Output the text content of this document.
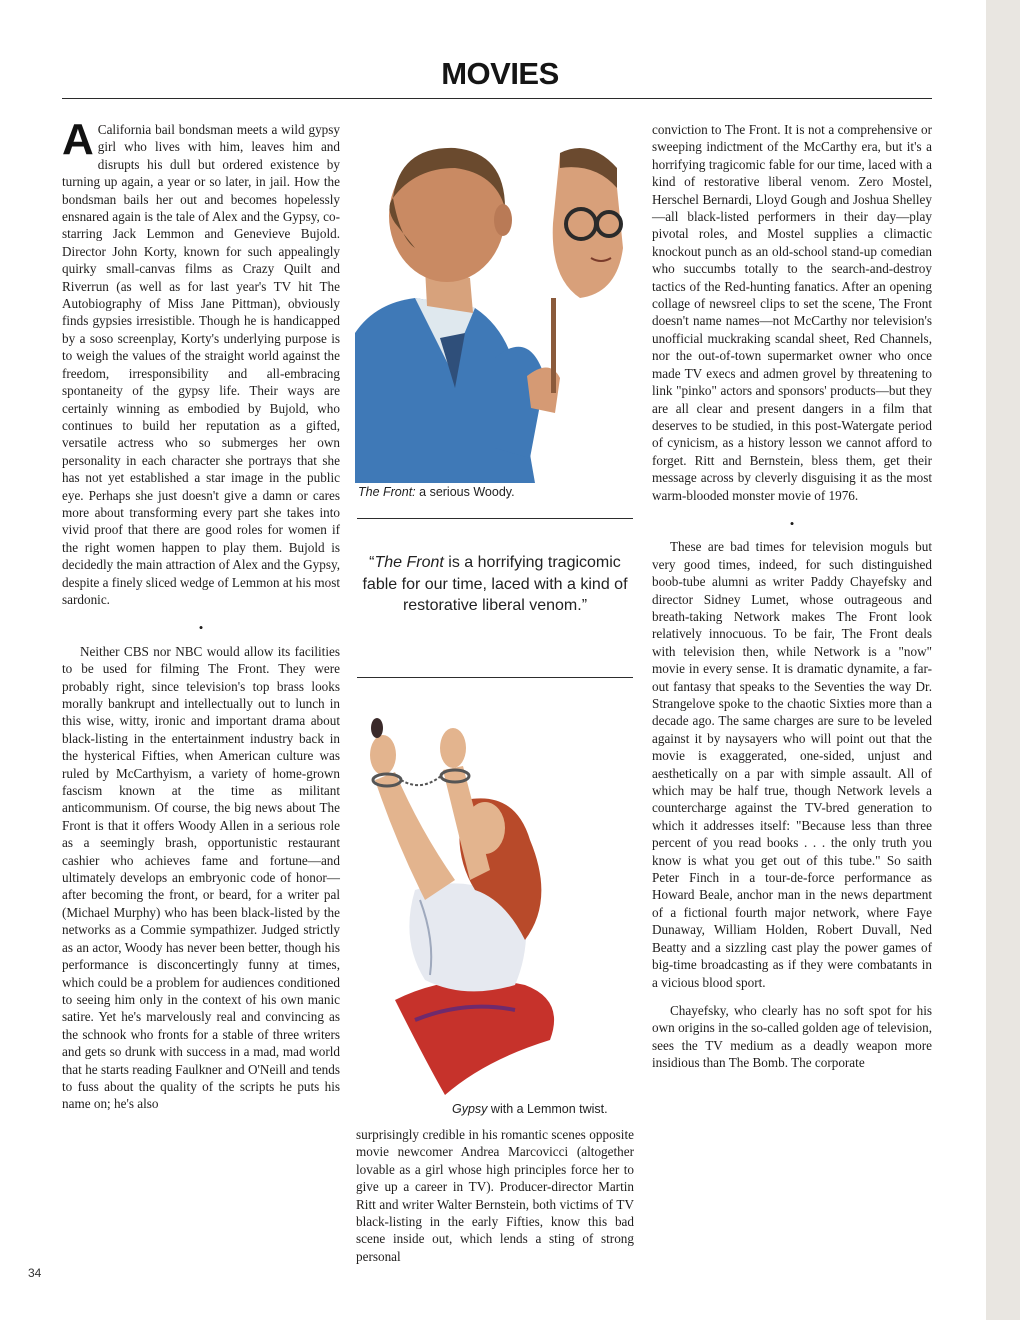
MOVIES

A California bail bondsman meets a wild gypsy girl who lives with him, leaves him and disrupts his dull but ordered existence by turning up again, a year or so later, in jail. How the bondsman bails her out and becomes hopelessly ensnared again is the tale of Alex and the Gypsy, co-starring Jack Lemmon and Genevieve Bujold. Director John Korty, known for such appealingly quirky small-canvas films as Crazy Quilt and Riverrun (as well as for last year's TV hit The Autobiography of Miss Jane Pittman), obviously finds gypsies irresistible. Though he is handicapped by a soso screenplay, Korty's underlying purpose is to weigh the values of the straight world against the freedom, irresponsibility and all-embracing spontaneity of the gypsy life. Their ways are certainly winning as embodied by Bujold, who continues to build her reputation as a gifted, versatile actress who so submerges her own personality in each character she portrays that she has not yet established a star image in the public eye. Perhaps she just doesn't give a damn or cares more about transforming every part she takes into vivid proof that there are good roles for women if the right women happen to play them. Bujold is decidedly the main attraction of Alex and the Gypsy, despite a finely sliced wedge of Lemmon at his most sardonic.

•

Neither CBS nor NBC would allow its facilities to be used for filming The Front. They were probably right, since television's top brass looks morally bankrupt and intellectually out to lunch in this wise, witty, ironic and important drama about black-listing in the entertainment industry back in the hysterical Fifties, when American culture was ruled by McCarthyism, a variety of home-grown fascism known at the time as militant anticommunism. Of course, the big news about The Front is that it offers Woody Allen in a serious role as a seemingly brash, opportunistic restaurant cashier who achieves fame and fortune—and ultimately develops an embryonic code of honor—after becoming the front, or beard, for a writer pal (Michael Murphy) who has been black-listed by the networks as a Commie sympathizer. Judged strictly as an actor, Woody has never been better, though his performance is disconcertingly funny at times, which could be a problem for audiences conditioned to seeing him only in the context of his own manic satire. Yet he's marvelously real and convincing as the schnook who fronts for a stable of three writers and gets so drunk with success in a mad, mad world that he starts reading Faulkner and O'Neill and tends to fuss about the quality of the scripts he puts his name on; he's also

The Front: a serious Woody.
“The Front is a horrifying tragicomic fable for our time, laced with a kind of restorative liberal venom.”
Gypsy with a Lemmon twist.

surprisingly credible in his romantic scenes opposite movie newcomer Andrea Marcovicci (altogether lovable as a girl whose high principles force her to give up a career in TV). Producer-director Martin Ritt and writer Walter Bernstein, both victims of TV black-listing in the early Fifties, know this bad scene inside out, which lends a sting of strong personal

conviction to The Front. It is not a comprehensive or sweeping indictment of the McCarthy era, but it's a horrifying tragicomic fable for our time, laced with a kind of restorative liberal venom. Zero Mostel, Herschel Bernardi, Lloyd Gough and Joshua Shelley—all black-listed performers in their day—play pivotal roles, and Mostel supplies a climactic knockout punch as an old-school stand-up comedian who succumbs totally to the search-and-destroy tactics of the Red-hunting fanatics. After an opening collage of newsreel clips to set the scene, The Front doesn't name names—not McCarthy nor television's unofficial muckraking scandal sheet, Red Channels, nor the out-of-town supermarket owner who once made TV execs and admen grovel by threatening to link "pinko" actors and sponsors' products—but they are all clear and present dangers in a film that deserves to be studied, in this post-Watergate period of cynicism, as a history lesson we cannot afford to forget. Ritt and Bernstein, bless them, get their message across by cleverly disguising it as the most warm-blooded monster movie of 1976.

•

These are bad times for television moguls but very good times, indeed, for such distinguished boob-tube alumni as writer Paddy Chayefsky and director Sidney Lumet, whose outrageous and breath-taking Network makes The Front look relatively innocuous. To be fair, The Front deals with television then, while Network is a "now" movie in every sense. It is dramatic dynamite, a far-out fantasy that speaks to the Seventies the way Dr. Strangelove spoke to the chaotic Sixties more than a decade ago. The same charges are sure to be leveled against it by naysayers who will point out that the movie is exaggerated, one-sided, unjust and aesthetically on a par with simple assault. All of which may be half true, though Network levels a countercharge against the TV-bred generation to which it addresses itself: "Because less than three percent of you read books . . . the only truth you know is what you get out of this tube." So saith Peter Finch in a tour-de-force performance as Howard Beale, anchor man in the news department of a fictional fourth major network, where Faye Dunaway, William Holden, Robert Duvall, Ned Beatty and a sizzling cast play the power games of big-time broadcasting as if they were combatants in a vicious blood sport.

Chayefsky, who clearly has no soft spot for his own origins in the so-called golden age of television, sees the TV medium as a deadly weapon more insidious than The Bomb. The corporate

34
